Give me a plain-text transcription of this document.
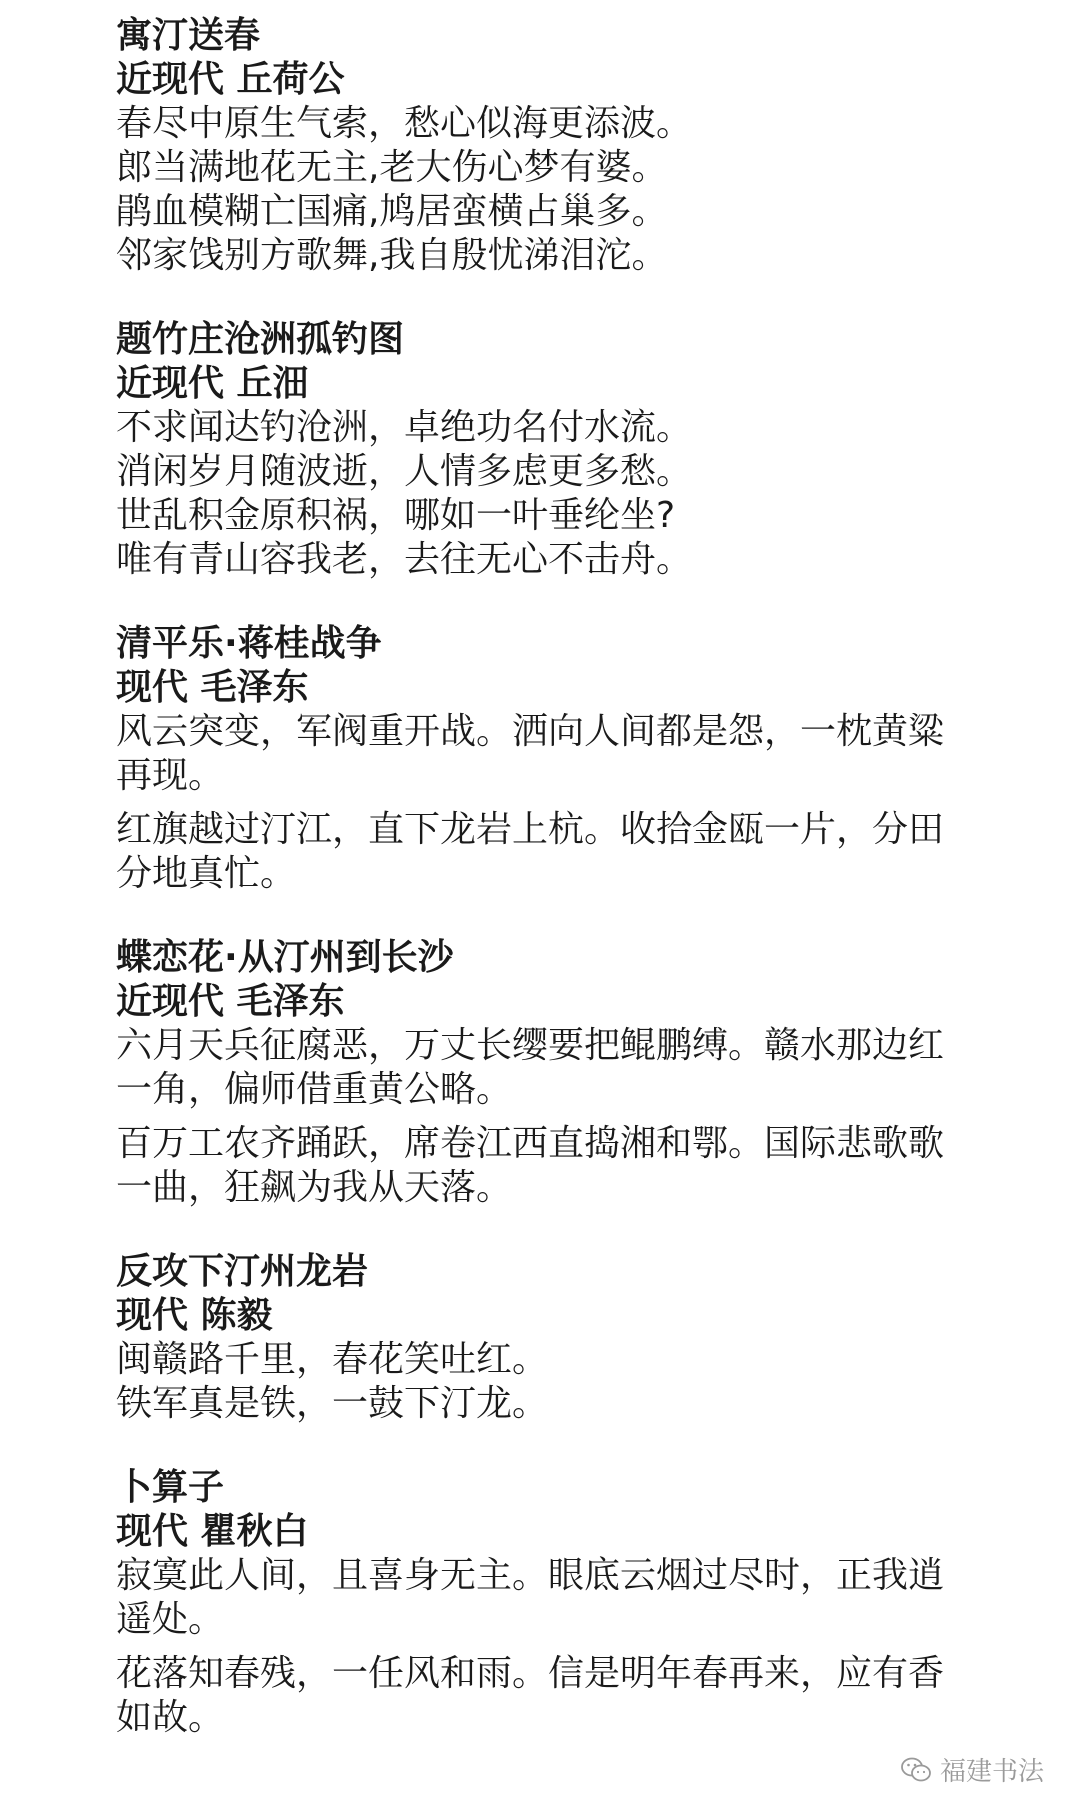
寓汀送春

近现代 丘荷公

春尽中原生气索，愁心似海更添波。

郎当满地花无主,老大伤心梦有婆。

鹃血模糊亡国痛,鸠居蛮横占巢多。

邻家饯别方歌舞,我自殷忧涕泪沱。

题竹庄沧洲孤钓图

近现代 丘沺

不求闻达钓沧洲，卓绝功名付水流。

消闲岁月随波逝，人情多虑更多愁。

世乱积金原积祸，哪如一叶垂纶坐?

唯有青山容我老，去往无心不击舟。

清平乐·蒋桂战争

现代 毛泽东

风云突变，军阀重开战。洒向人间都是怨，一枕黄粱再现。

红旗越过汀江，直下龙岩上杭。收拾金瓯一片，分田分地真忙。

蝶恋花·从汀州到长沙

近现代 毛泽东

六月天兵征腐恶，万丈长缨要把鲲鹏缚。赣水那边红一角，偏师借重黄公略。

百万工农齐踊跃，席卷江西直捣湘和鄂。国际悲歌歌一曲，狂飙为我从天落。

反攻下汀州龙岩

现代 陈毅

闽赣路千里，春花笑吐红。

铁军真是铁，一鼓下汀龙。

卜算子

现代 瞿秋白

寂寞此人间，且喜身无主。眼底云烟过尽时，正我逍遥处。

花落知春残，一任风和雨。信是明年春再来，应有香如故。

福建书法
